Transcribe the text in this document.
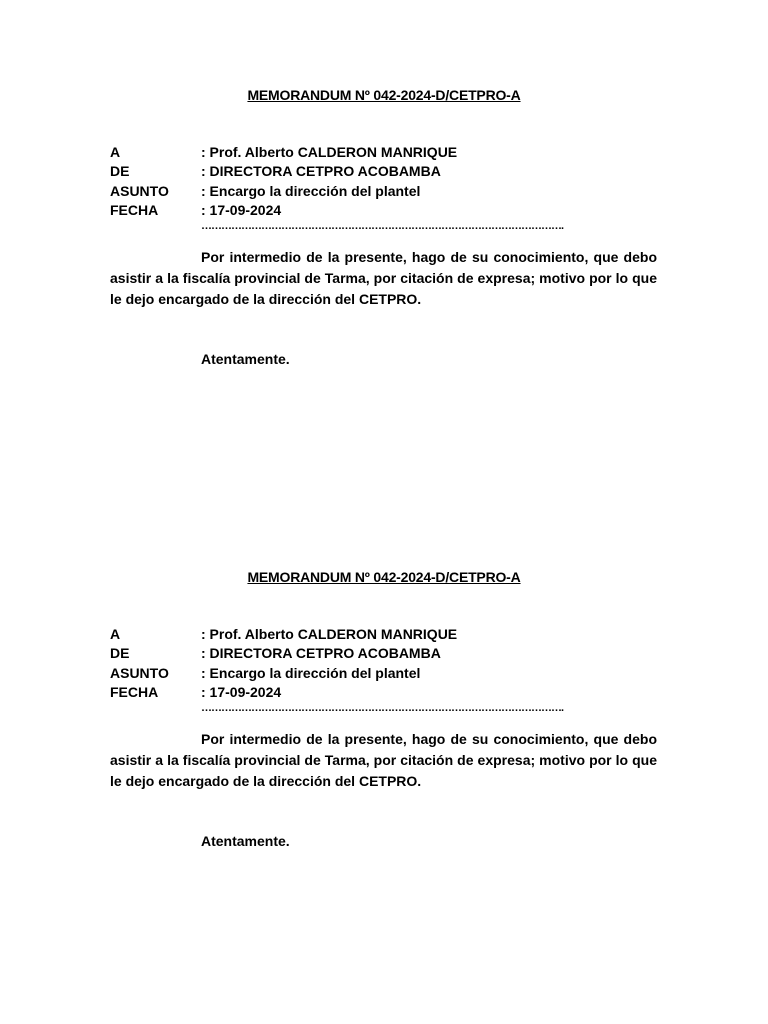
MEMORANDUM Nº 042-2024-D/CETPRO-A
A	: Prof. Alberto CALDERON MANRIQUE
DE	: DIRECTORA CETPRO ACOBAMBA
ASUNTO : Encargo la dirección del plantel
FECHA	: 17-09-2024
……………………………………………………………………………………………….

Por intermedio de la presente, hago de su conocimiento, que debo asistir a la fiscalía provincial de Tarma, por citación de expresa; motivo por lo que le dejo encargado de la dirección del CETPRO.

Atentamente.
MEMORANDUM Nº 042-2024-D/CETPRO-A
A	: Prof. Alberto CALDERON MANRIQUE
DE	: DIRECTORA CETPRO ACOBAMBA
ASUNTO : Encargo la dirección del plantel
FECHA	: 17-09-2024
……………………………………………………………………………………………….

Por intermedio de la presente, hago de su conocimiento, que debo asistir a la fiscalía provincial de Tarma, por citación de expresa; motivo por lo que le dejo encargado de la dirección del CETPRO.

Atentamente.
